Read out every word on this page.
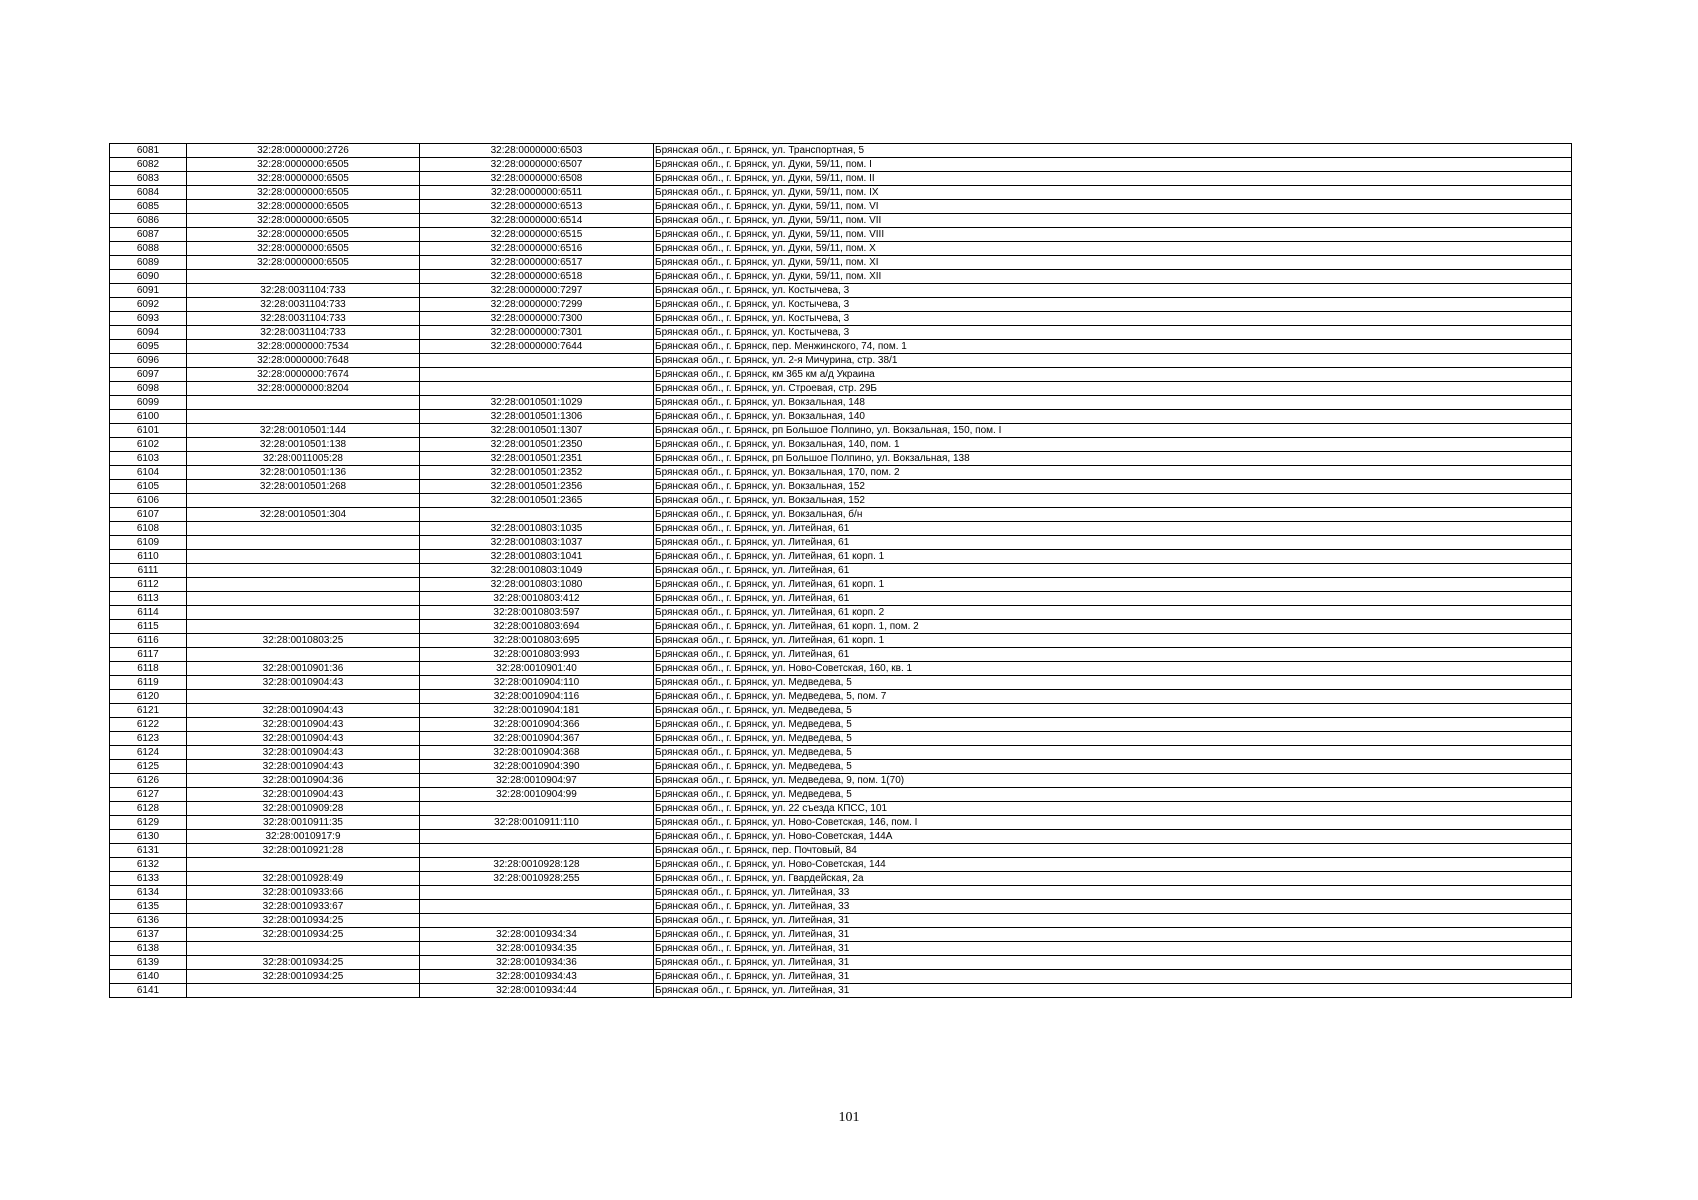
6081	32:28:0000000:2726	32:28:0000000:6503	Брянская обл., г. Брянск, ул. Транспортная, 5
6082	32:28:0000000:6505	32:28:0000000:6507	Брянская обл., г. Брянск, ул. Дуки, 59/11, пом. I
6083	32:28:0000000:6505	32:28:0000000:6508	Брянская обл., г. Брянск, ул. Дуки, 59/11, пом. II
6084	32:28:0000000:6505	32:28:0000000:6511	Брянская обл., г. Брянск, ул. Дуки, 59/11, пом. IX
6085	32:28:0000000:6505	32:28:0000000:6513	Брянская обл., г. Брянск, ул. Дуки, 59/11, пом. VI
6086	32:28:0000000:6505	32:28:0000000:6514	Брянская обл., г. Брянск, ул. Дуки, 59/11, пом. VII
6087	32:28:0000000:6505	32:28:0000000:6515	Брянская обл., г. Брянск, ул. Дуки, 59/11, пом. VIII
6088	32:28:0000000:6505	32:28:0000000:6516	Брянская обл., г. Брянск, ул. Дуки, 59/11, пом. X
6089	32:28:0000000:6505	32:28:0000000:6517	Брянская обл., г. Брянск, ул. Дуки, 59/11, пом. XI
6090		32:28:0000000:6518	Брянская обл., г. Брянск, ул. Дуки, 59/11, пом. XII
6091	32:28:0031104:733	32:28:0000000:7297	Брянская обл., г. Брянск, ул. Костычева, 3
6092	32:28:0031104:733	32:28:0000000:7299	Брянская обл., г. Брянск, ул. Костычева, 3
6093	32:28:0031104:733	32:28:0000000:7300	Брянская обл., г. Брянск, ул. Костычева, 3
6094	32:28:0031104:733	32:28:0000000:7301	Брянская обл., г. Брянск, ул. Костычева, 3
6095	32:28:0000000:7534	32:28:0000000:7644	Брянская обл., г. Брянск, пер. Менжинского, 74, пом. 1
6096	32:28:0000000:7648		Брянская обл., г. Брянск, ул. 2-я Мичурина, стр. 38/1
6097	32:28:0000000:7674		Брянская обл., г. Брянск, км 365 км а/д Украина
6098	32:28:0000000:8204		Брянская обл., г. Брянск, ул. Строевая, стр. 29Б
6099		32:28:0010501:1029	Брянская обл., г. Брянск, ул. Вокзальная, 148
6100		32:28:0010501:1306	Брянская обл., г. Брянск, ул. Вокзальная, 140
6101	32:28:0010501:144	32:28:0010501:1307	Брянская обл., г. Брянск, рп Большое Полпино, ул. Вокзальная, 150, пом. I
6102	32:28:0010501:138	32:28:0010501:2350	Брянская обл., г. Брянск, ул. Вокзальная, 140, пом. 1
6103	32:28:0011005:28	32:28:0010501:2351	Брянская обл., г. Брянск, рп Большое Полпино, ул. Вокзальная, 138
6104	32:28:0010501:136	32:28:0010501:2352	Брянская обл., г. Брянск, ул. Вокзальная, 170, пом. 2
6105	32:28:0010501:268	32:28:0010501:2356	Брянская обл., г. Брянск, ул. Вокзальная, 152
6106		32:28:0010501:2365	Брянская обл., г. Брянск, ул. Вокзальная, 152
6107	32:28:0010501:304		Брянская обл., г. Брянск, ул. Вокзальная, б/н
6108		32:28:0010803:1035	Брянская обл., г. Брянск, ул. Литейная, 61
6109		32:28:0010803:1037	Брянская обл., г. Брянск, ул. Литейная, 61
6110		32:28:0010803:1041	Брянская обл., г. Брянск, ул. Литейная, 61 корп. 1
6111		32:28:0010803:1049	Брянская обл., г. Брянск, ул. Литейная, 61
6112		32:28:0010803:1080	Брянская обл., г. Брянск, ул. Литейная, 61 корп. 1
6113		32:28:0010803:412	Брянская обл., г. Брянск, ул. Литейная, 61
6114		32:28:0010803:597	Брянская обл., г. Брянск, ул. Литейная, 61 корп. 2
6115		32:28:0010803:694	Брянская обл., г. Брянск, ул. Литейная, 61 корп. 1, пом. 2
6116	32:28:0010803:25	32:28:0010803:695	Брянская обл., г. Брянск, ул. Литейная, 61 корп. 1
6117		32:28:0010803:993	Брянская обл., г. Брянск, ул. Литейная, 61
6118	32:28:0010901:36	32:28:0010901:40	Брянская обл., г. Брянск, ул. Ново-Советская, 160, кв. 1
6119	32:28:0010904:43	32:28:0010904:110	Брянская обл., г. Брянск, ул. Медведева, 5
6120		32:28:0010904:116	Брянская обл., г. Брянск, ул. Медведева, 5, пом. 7
6121	32:28:0010904:43	32:28:0010904:181	Брянская обл., г. Брянск, ул. Медведева, 5
6122	32:28:0010904:43	32:28:0010904:366	Брянская обл., г. Брянск, ул. Медведева, 5
6123	32:28:0010904:43	32:28:0010904:367	Брянская обл., г. Брянск, ул. Медведева, 5
6124	32:28:0010904:43	32:28:0010904:368	Брянская обл., г. Брянск, ул. Медведева, 5
6125	32:28:0010904:43	32:28:0010904:390	Брянская обл., г. Брянск, ул. Медведева, 5
6126	32:28:0010904:36	32:28:0010904:97	Брянская обл., г. Брянск, ул. Медведева, 9, пом. 1(70)
6127	32:28:0010904:43	32:28:0010904:99	Брянская обл., г. Брянск, ул. Медведева, 5
6128	32:28:0010909:28		Брянская обл., г. Брянск, ул. 22 съезда КПСС, 101
6129	32:28:0010911:35	32:28:0010911:110	Брянская обл., г. Брянск, ул. Ново-Советская, 146, пом. I
6130	32:28:0010917:9		Брянская обл., г. Брянск, ул. Ново-Советская, 144А
6131	32:28:0010921:28		Брянская обл., г. Брянск, пер. Почтовый, 84
6132		32:28:0010928:128	Брянская обл., г. Брянск, ул. Ново-Советская, 144
6133	32:28:0010928:49	32:28:0010928:255	Брянская обл., г. Брянск, ул. Гвардейская, 2а
6134	32:28:0010933:66		Брянская обл., г. Брянск, ул. Литейная, 33
6135	32:28:0010933:67		Брянская обл., г. Брянск, ул. Литейная, 33
6136	32:28:0010934:25		Брянская обл., г. Брянск, ул. Литейная, 31
6137	32:28:0010934:25	32:28:0010934:34	Брянская обл., г. Брянск, ул. Литейная, 31
6138		32:28:0010934:35	Брянская обл., г. Брянск, ул. Литейная, 31
6139	32:28:0010934:25	32:28:0010934:36	Брянская обл., г. Брянск, ул. Литейная, 31
6140	32:28:0010934:25	32:28:0010934:43	Брянская обл., г. Брянск, ул. Литейная, 31
6141		32:28:0010934:44	Брянская обл., г. Брянск, ул. Литейная, 31
101
